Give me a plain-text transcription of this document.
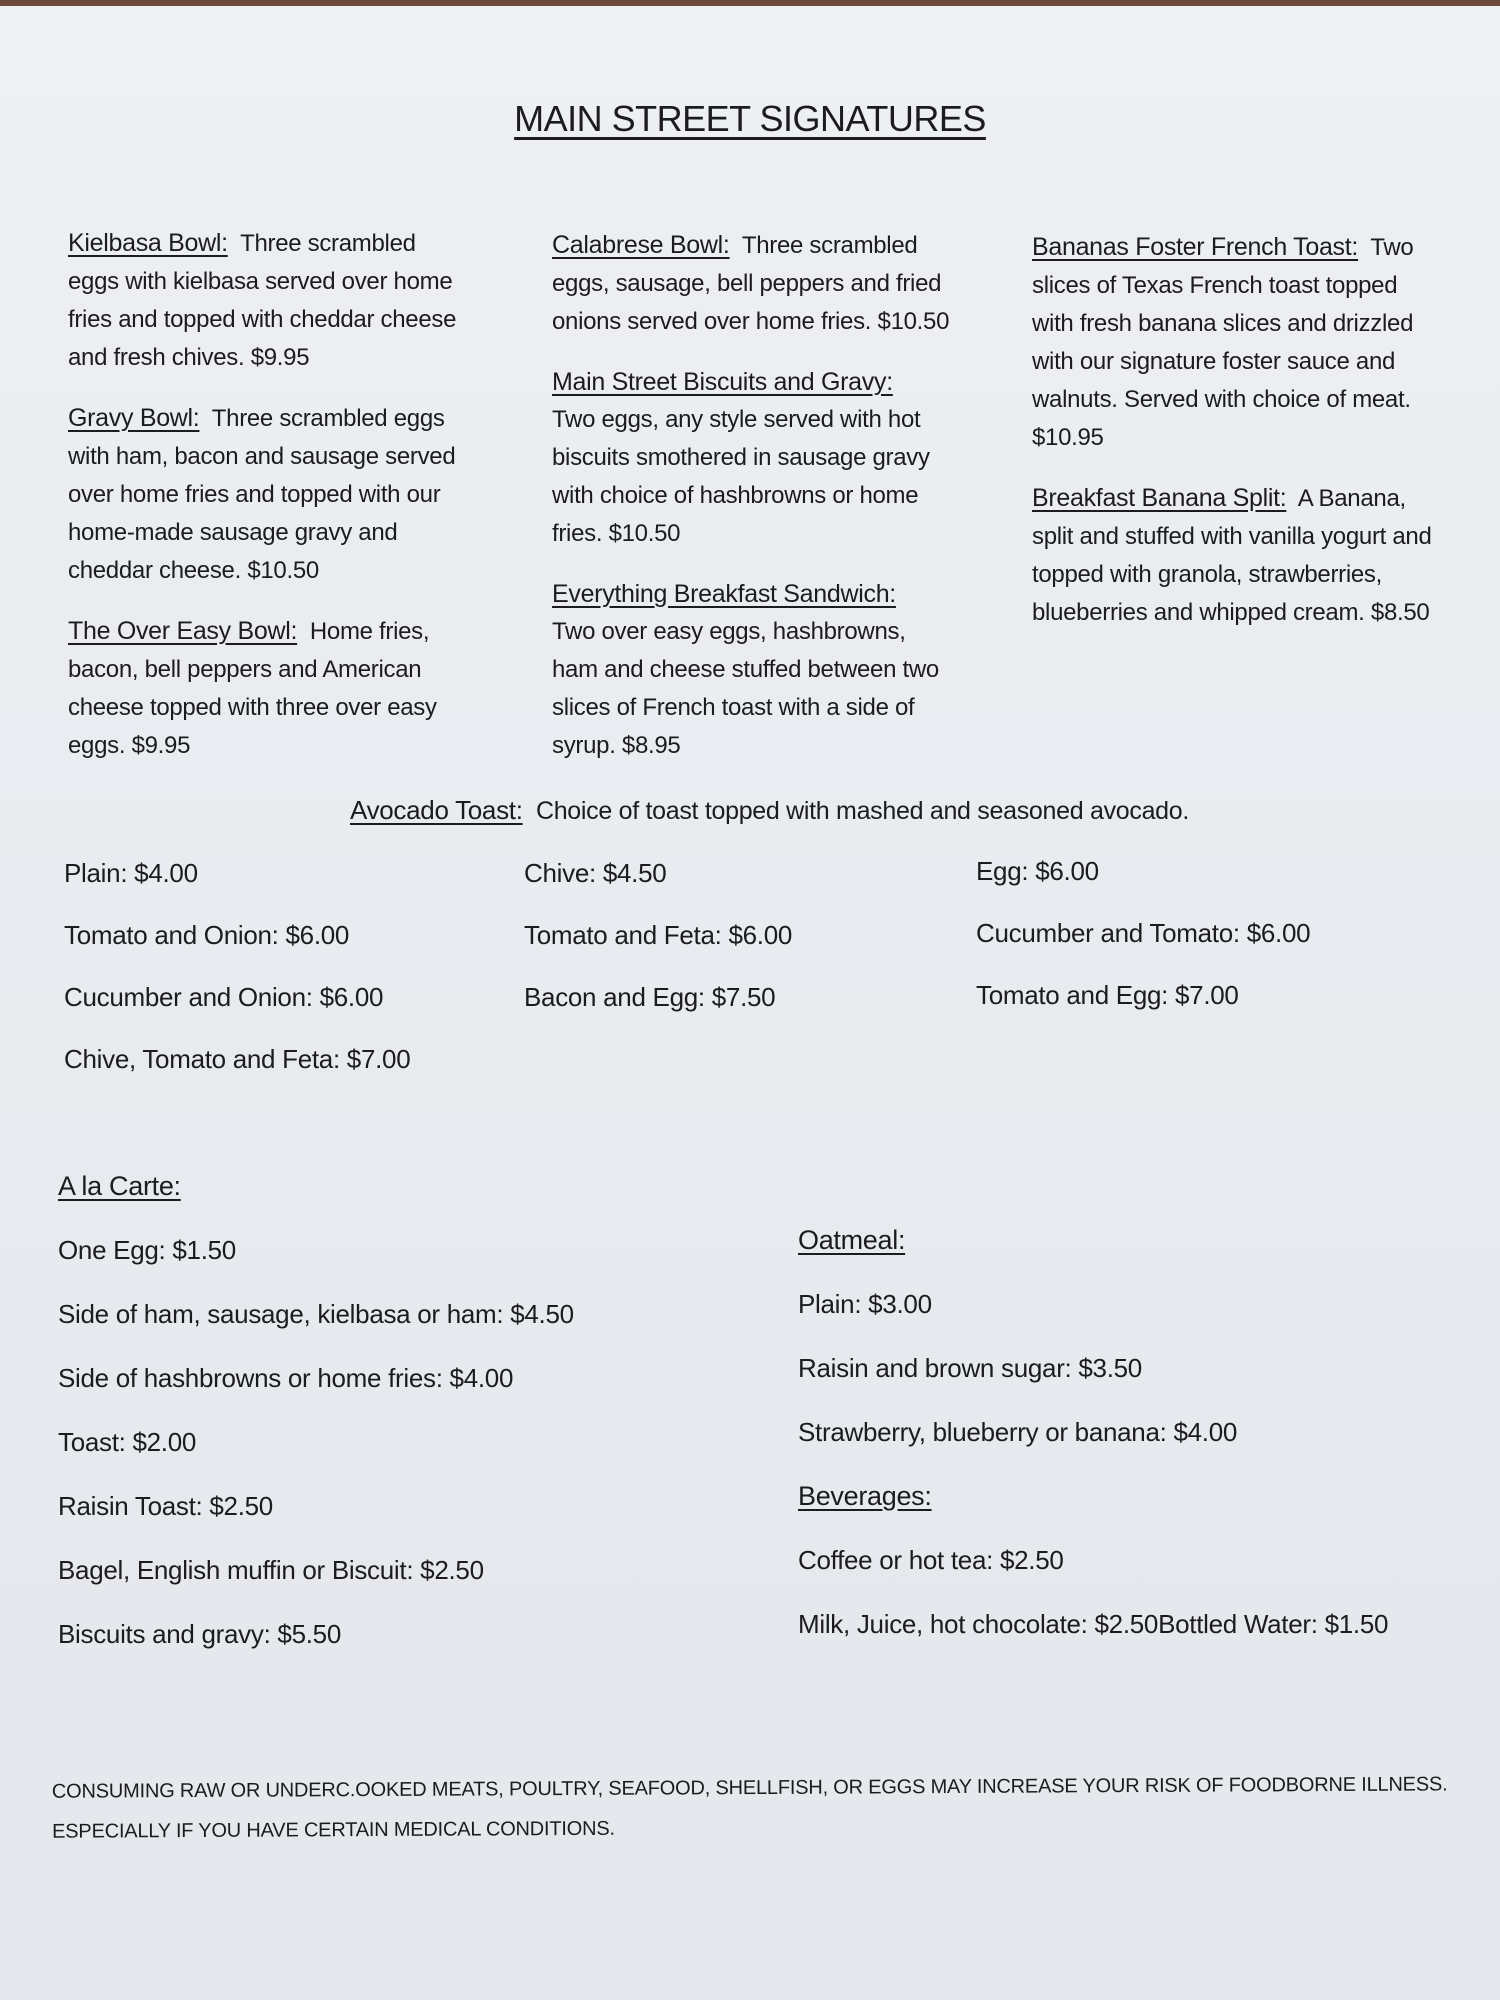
MAIN STREET SIGNATURES
Kielbasa Bowl: Three scrambled eggs with kielbasa served over home fries and topped with cheddar cheese and fresh chives. $9.95
Gravy Bowl: Three scrambled eggs with ham, bacon and sausage served over home fries and topped with our home-made sausage gravy and cheddar cheese. $10.50
The Over Easy Bowl: Home fries, bacon, bell peppers and American cheese topped with three over easy eggs. $9.95
Calabrese Bowl: Three scrambled eggs, sausage, bell peppers and fried onions served over home fries. $10.50
Main Street Biscuits and Gravy:
Two eggs, any style served with hot biscuits smothered in sausage gravy with choice of hashbrowns or home fries. $10.50
Everything Breakfast Sandwich:
Two over easy eggs, hashbrowns, ham and cheese stuffed between two slices of French toast with a side of syrup. $8.95
Bananas Foster French Toast: Two slices of Texas French toast topped with fresh banana slices and drizzled with our signature foster sauce and walnuts. Served with choice of meat. $10.95
Breakfast Banana Split: A Banana, split and stuffed with vanilla yogurt and topped with granola, strawberries, blueberries and whipped cream. $8.50
Avocado Toast: Choice of toast topped with mashed and seasoned avocado.
Plain: $4.00
Tomato and Onion: $6.00
Cucumber and Onion: $6.00
Chive, Tomato and Feta: $7.00
Chive: $4.50
Tomato and Feta: $6.00
Bacon and Egg: $7.50
Egg: $6.00
Cucumber and Tomato: $6.00
Tomato and Egg: $7.00
A la Carte:
One Egg: $1.50
Side of ham, sausage, kielbasa or ham: $4.50
Side of hashbrowns or home fries: $4.00
Toast: $2.00
Raisin Toast: $2.50
Bagel, English muffin or Biscuit: $2.50
Biscuits and gravy: $5.50
Oatmeal:
Plain: $3.00
Raisin and brown sugar: $3.50
Strawberry, blueberry or banana: $4.00
Beverages:
Coffee or hot tea: $2.50
Milk, Juice, hot chocolate: $2.50Bottled Water: $1.50
CONSUMING RAW OR UNDERC.OOKED MEATS, POULTRY, SEAFOOD, SHELLFISH, OR EGGS MAY INCREASE YOUR RISK OF FOODBORNE ILLNESS.
ESPECIALLY IF YOU HAVE CERTAIN MEDICAL CONDITIONS.
